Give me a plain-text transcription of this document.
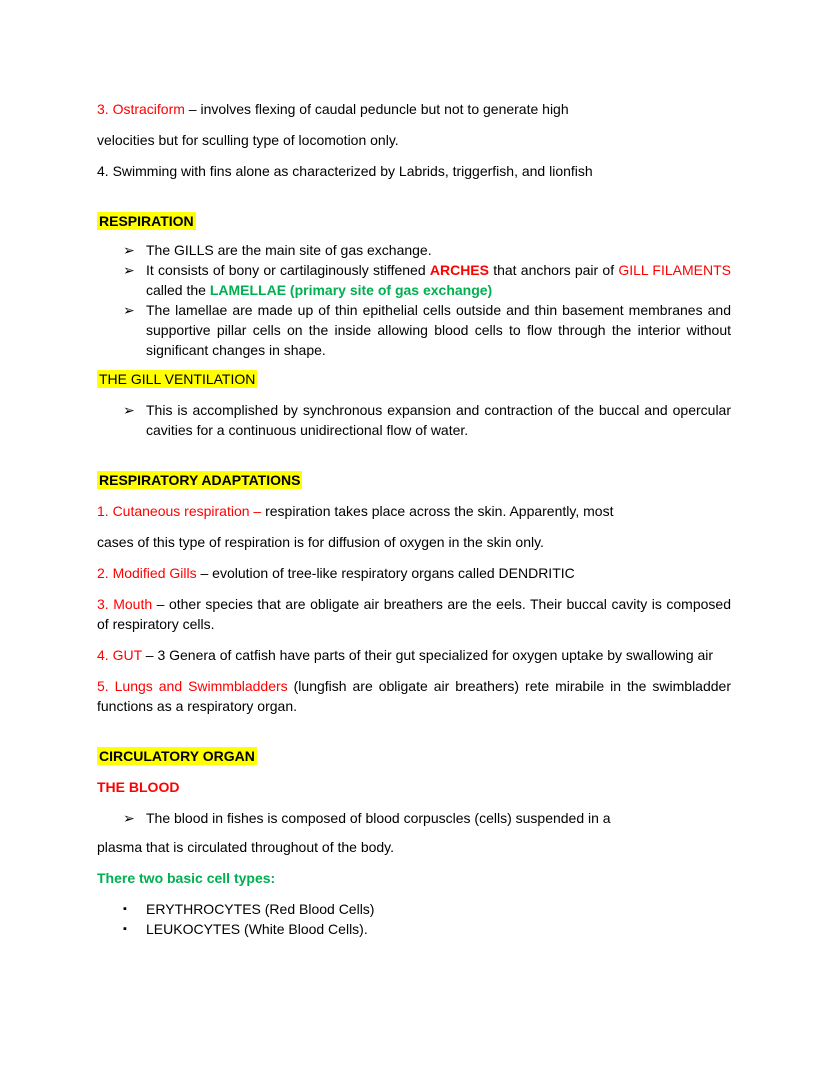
3. Ostraciform – involves flexing of caudal peduncle but not to generate high

velocities but for sculling type of locomotion only.

4. Swimming with fins alone as characterized by Labrids, triggerfish, and lionfish

RESPIRATION
➢ The GILLS are the main site of gas exchange.
➢ It consists of bony or cartilaginously stiffened ARCHES that anchors pair of GILL FILAMENTS called the LAMELLAE (primary site of gas exchange)
➢ The lamellae are made up of thin epithelial cells outside and thin basement membranes and supportive pillar cells on the inside allowing blood cells to flow through the interior without significant changes in shape.
THE GILL VENTILATION
➢ This is accomplished by synchronous expansion and contraction of the buccal and opercular cavities for a continuous unidirectional flow of water.
RESPIRATORY ADAPTATIONS

1. Cutaneous respiration – respiration takes place across the skin. Apparently, most

cases of this type of respiration is for diffusion of oxygen in the skin only.

2. Modified Gills – evolution of tree-like respiratory organs called DENDRITIC

3. Mouth – other species that are obligate air breathers are the eels. Their buccal cavity is composed of respiratory cells.

4. GUT – 3 Genera of catfish have parts of their gut specialized for oxygen uptake by swallowing air

5. Lungs and Swimmbladders (lungfish are obligate air breathers) rete mirabile in the swimbladder functions as a respiratory organ.

CIRCULATORY ORGAN
THE BLOOD
➢ The blood in fishes is composed of blood corpuscles (cells) suspended in a

plasma that is circulated throughout of the body.

There two basic cell types:
▪ ERYTHROCYTES (Red Blood Cells)
▪ LEUKOCYTES (White Blood Cells).
